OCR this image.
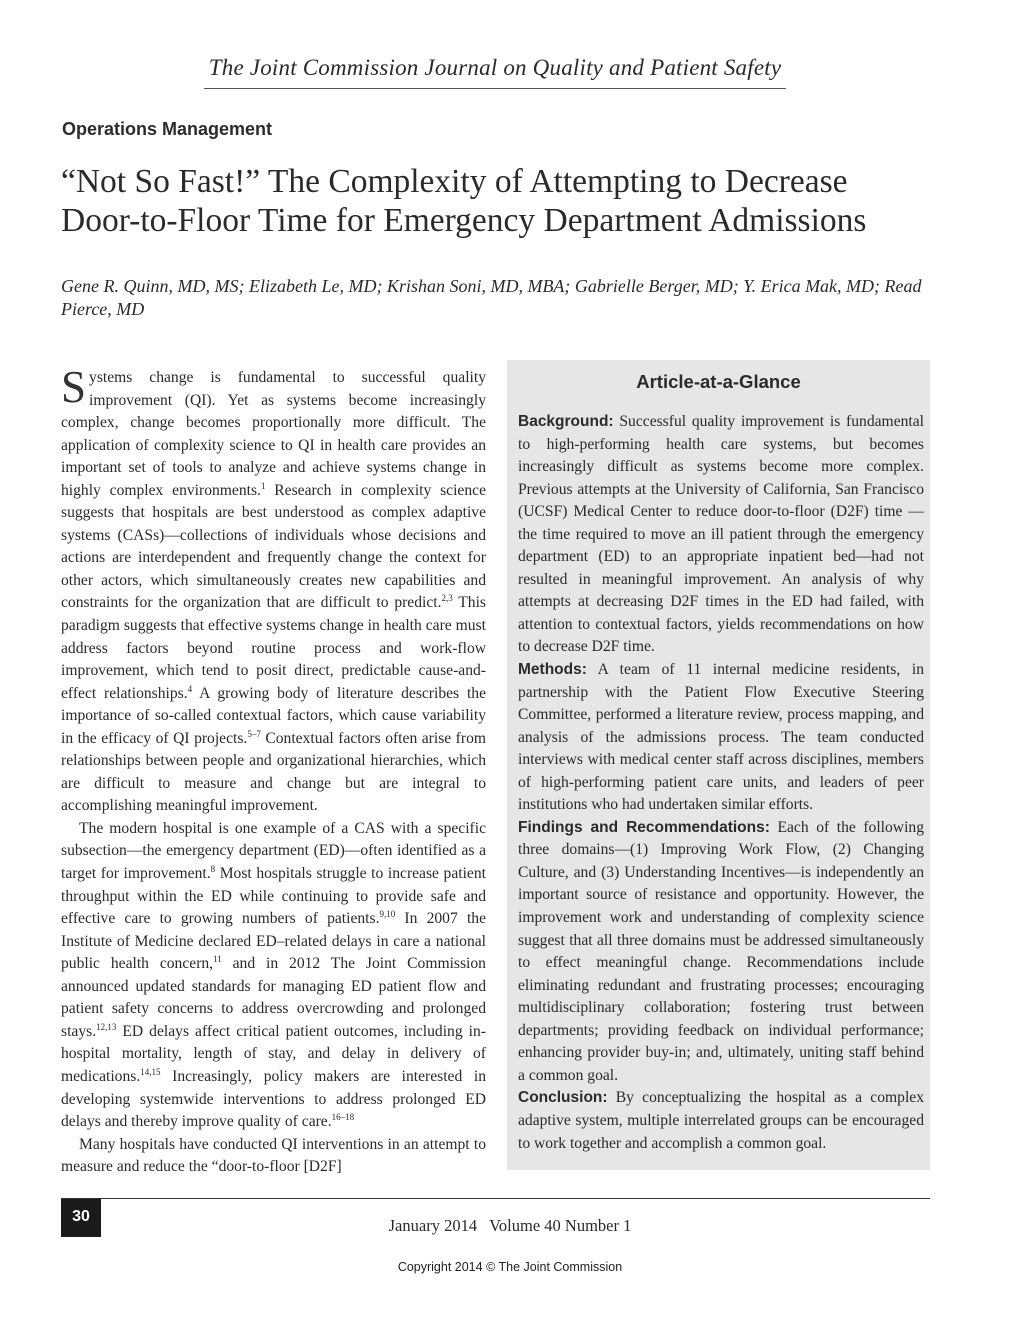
The Joint Commission Journal on Quality and Patient Safety
Operations Management
“Not So Fast!” The Complexity of Attempting to Decrease
Door-to-Floor Time for Emergency Department Admissions
Gene R. Quinn, MD, MS; Elizabeth Le, MD; Krishan Soni, MD, MBA; Gabrielle Berger, MD; Y. Erica Mak, MD; Read Pierce, MD

Systems change is fundamental to successful quality improvement (QI). Yet as systems become increasingly complex, change becomes proportionally more difficult. The application of complexity science to QI in health care provides an important set of tools to analyze and achieve systems change in highly complex environments.$^1$ Research in complexity science suggests that hospitals are best understood as complex adaptive systems (CASs)—collections of individuals whose decisions and actions are interdependent and frequently change the context for other actors, which simultaneously creates new capabilities and constraints for the organization that are difficult to predict.$^{2,3}$ This paradigm suggests that effective systems change in health care must address factors beyond routine process and work-flow improvement, which tend to posit direct, predictable cause-and-effect relationships.$^4$ A growing body of literature describes the importance of so-called contextual factors, which cause variability in the efficacy of QI projects.$^{5-7}$ Contextual factors often arise from relationships between people and organizational hierarchies, which are difficult to measure and change but are integral to accomplishing meaningful improvement.

The modern hospital is one example of a CAS with a specific subsection—the emergency department (ED)—often identified as a target for improvement.$^8$ Most hospitals struggle to increase patient throughput within the ED while continuing to provide safe and effective care to growing numbers of patients.$^{9,10}$ In 2007 the Institute of Medicine declared ED–related delays in care a national public health concern,$^{11}$ and in 2012 The Joint Commission announced updated standards for managing ED patient flow and patient safety concerns to address overcrowding and prolonged stays.$^{12,13}$ ED delays affect critical patient outcomes, including in-hospital mortality, length of stay, and delay in delivery of medications.$^{14,15}$ Increasingly, policy makers are interested in developing systemwide interventions to address prolonged ED delays and thereby improve quality of care.$^{16-18}$

Many hospitals have conducted QI interventions in an attempt to measure and reduce the “door-to-floor [D2F]

Article-at-a-Glance

Background: Successful quality improvement is fundamental to high-performing health care systems, but becomes increasingly difficult as systems become more complex. Previous attempts at the University of California, San Francisco (UCSF) Medical Center to reduce door-to-floor (D2F) time —the time required to move an ill patient through the emergency department (ED) to an appropriate inpatient bed—had not resulted in meaningful improvement. An analysis of why attempts at decreasing D2F times in the ED had failed, with attention to contextual factors, yields recommendations on how to decrease D2F time.

Methods: A team of 11 internal medicine residents, in partnership with the Patient Flow Executive Steering Committee, performed a literature review, process mapping, and analysis of the admissions process. The team conducted interviews with medical center staff across disciplines, members of high-performing patient care units, and leaders of peer institutions who had undertaken similar efforts.

Findings and Recommendations: Each of the following three domains—(1) Improving Work Flow, (2) Changing Culture, and (3) Understanding Incentives—is independently an important source of resistance and opportunity. However, the improvement work and understanding of complexity science suggest that all three domains must be addressed simultaneously to effect meaningful change. Recommendations include eliminating redundant and frustrating processes; encouraging multidisciplinary collaboration; fostering trust between departments; providing feedback on individual performance; enhancing provider buy-in; and, ultimately, uniting staff behind a common goal.

Conclusion: By conceptualizing the hospital as a complex adaptive system, multiple interrelated groups can be encouraged to work together and accomplish a common goal.

30	January 2014   Volume 40 Number 1
Copyright 2014 © The Joint Commission
